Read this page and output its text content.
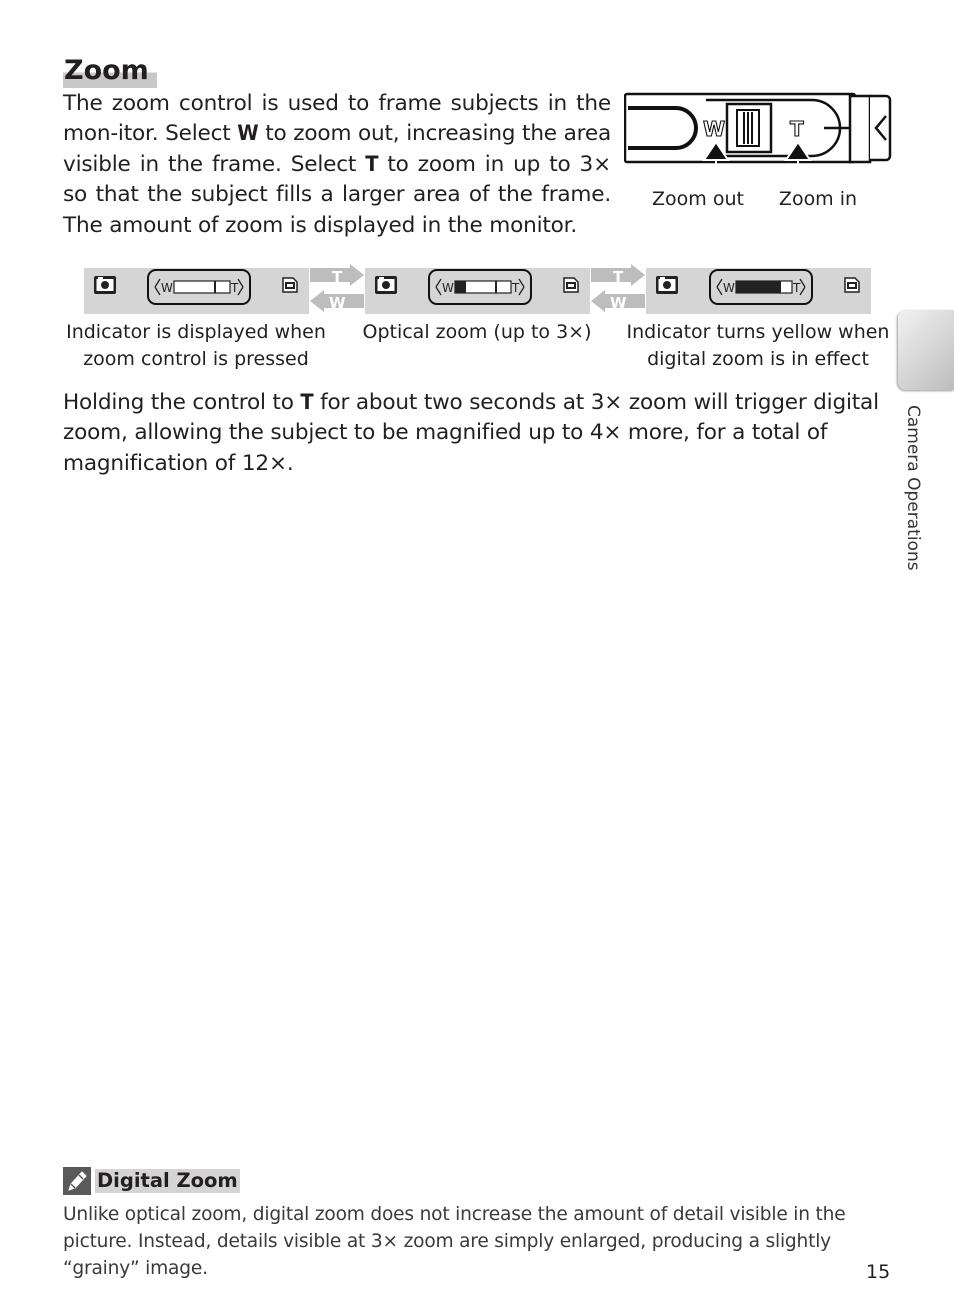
Zoom
The zoom control is used to frame subjects in the mon-itor. Select W to zoom out, increasing the area visible in the frame. Select T to zoom in up to 3× so that the subject fills a larger area of the frame. The amount of zoom is displayed in the monitor.
W	T
Zoom out	Zoom in
W	T	W	T	W	T
T
W
T
W
Indicator is displayed when zoom control is pressed
Optical zoom (up to 3×)	Indicator turns yellow when digital zoom is in effect
Holding the control to T for about two seconds at 3× zoom will trigger digital zoom, allowing the subject to be magnified up to 4× more, for a total of magnification of 12×.	Camera Operations
Digital Zoom
Unlike optical zoom, digital zoom does not increase the amount of detail visible in the picture. Instead, details visible at 3× zoom are simply enlarged, producing a slightly “grainy” image.	15
